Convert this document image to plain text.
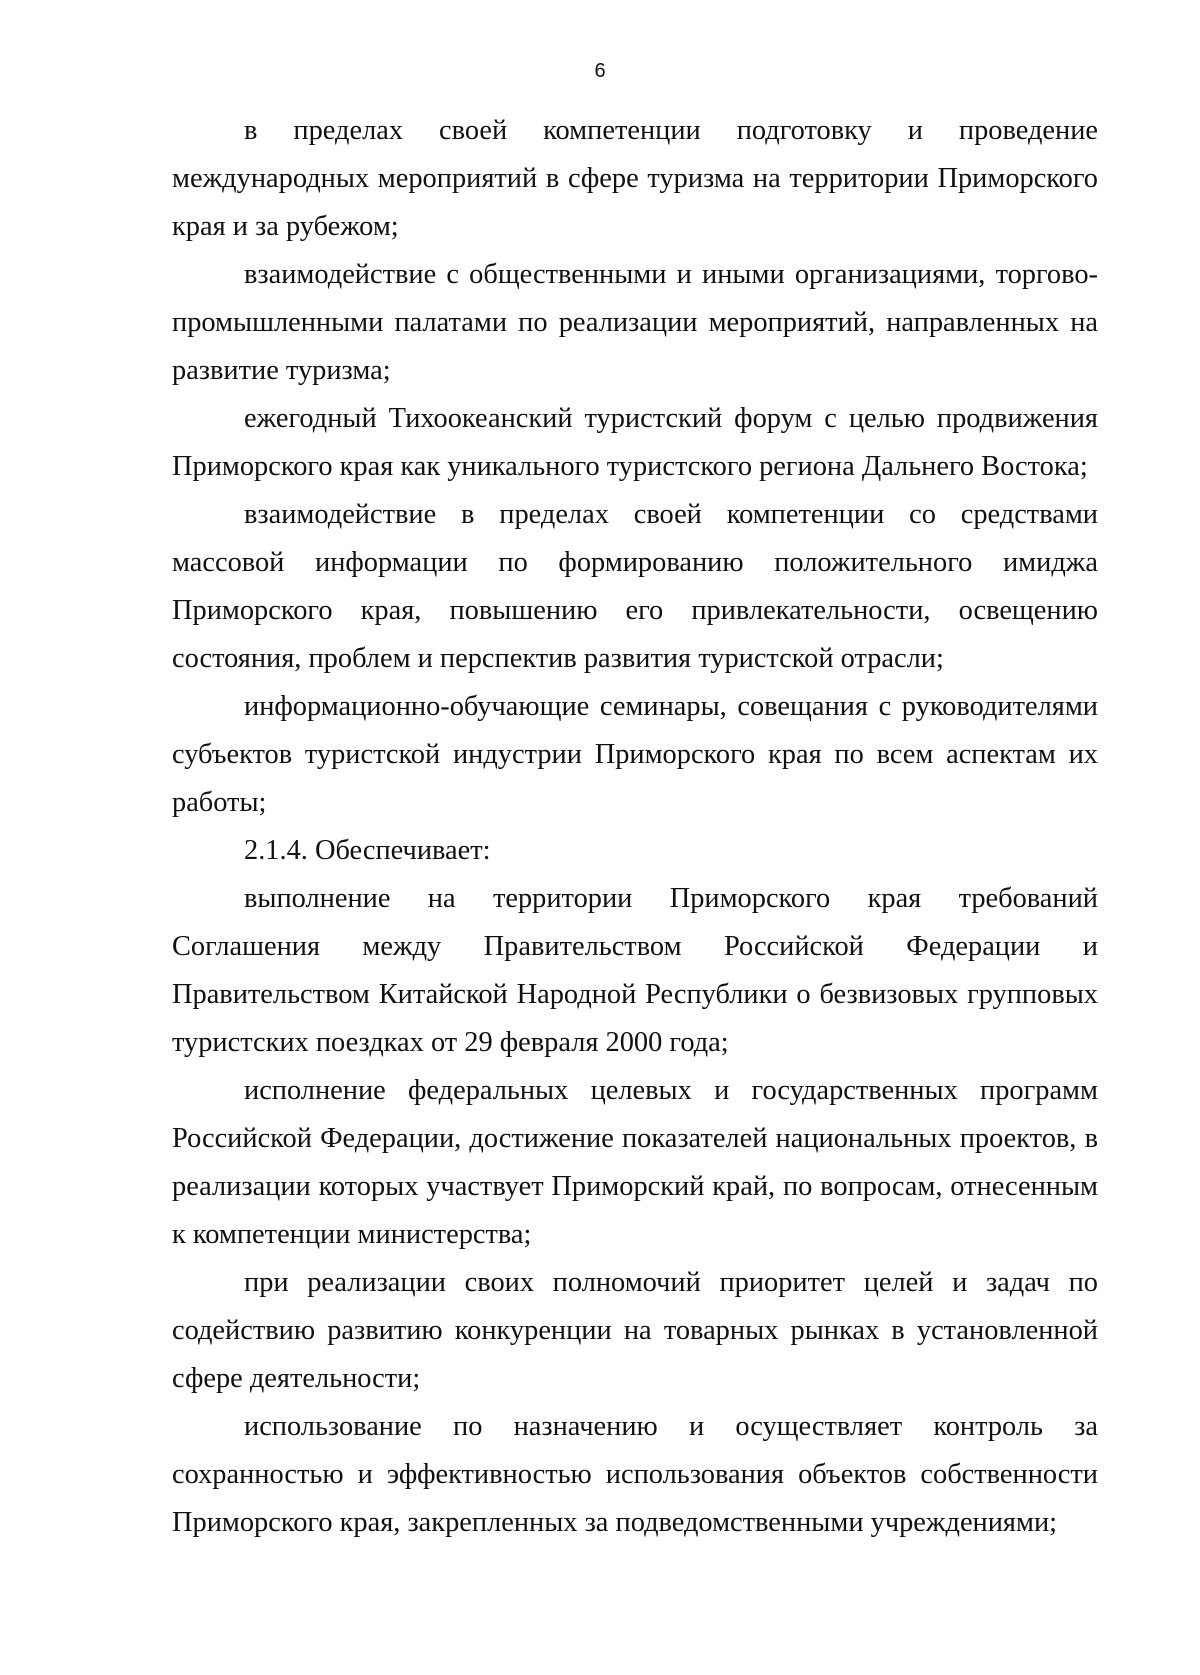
6

в пределах своей компетенции подготовку и проведение международных мероприятий в сфере туризма на территории Приморского края и за рубежом;

взаимодействие с общественными и иными организациями, торгово-промышленными палатами по реализации мероприятий, направленных на развитие туризма;

ежегодный Тихоокеанский туристский форум с целью продвижения Приморского края как уникального туристского региона Дальнего Востока;

взаимодействие в пределах своей компетенции со средствами массовой информации по формированию положительного имиджа Приморского края, повышению его привлекательности, освещению состояния, проблем и перспектив развития туристской отрасли;

информационно-обучающие семинары, совещания с руководителями субъектов туристской индустрии Приморского края по всем аспектам их работы;

2.1.4. Обеспечивает:

выполнение на территории Приморского края требований Соглашения между Правительством Российской Федерации и Правительством Китайской Народной Республики о безвизовых групповых туристских поездках от 29 февраля 2000 года;

исполнение федеральных целевых и государственных программ Российской Федерации, достижение показателей национальных проектов, в реализации которых участвует Приморский край, по вопросам, отнесенным к компетенции министерства;

при реализации своих полномочий приоритет целей и задач по содействию развитию конкуренции на товарных рынках в установленной сфере деятельности;

использование по назначению и осуществляет контроль за сохранностью и эффективностью использования объектов собственности Приморского края, закрепленных за подведомственными учреждениями;
